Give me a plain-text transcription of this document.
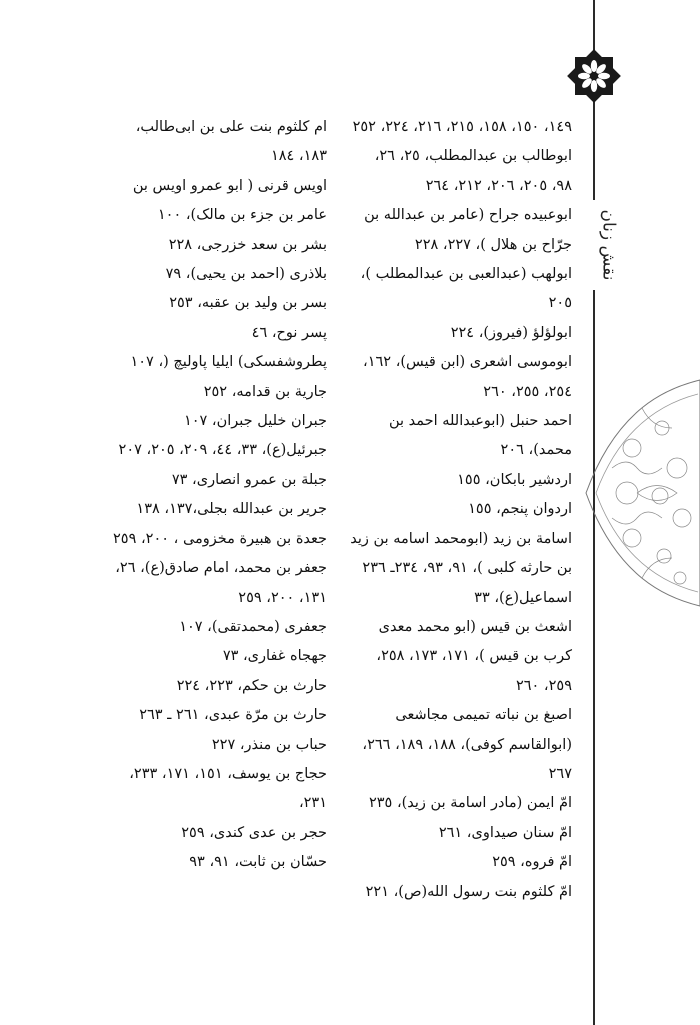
نقش زنان

١٤٩، ١٥٠، ١٥٨، ٢١٥، ٢١٦، ٢٢٤، ٢٥٢

ابوطالب بن عبدالمطلب، ٢٥، ٢٦، ٩٨، ٢٠٥، ٢٠٦، ٢١٢، ٢٦٤

ابوعبیده جراح (عامر بن عبدالله بن جرّاح بن هلال )، ٢٢٧، ٢٢٨

ابولهب (عبدالعبی بن عبدالمطلب )، ٢٠٥

ابولؤلؤ (فیروز)، ٢٢٤

ابوموسی اشعری (ابن قیس)، ١٦٢، ٢٥٤، ٢٥٥، ٢٦٠

احمد حنبل (ابوعبدالله احمد بن محمد)، ٢٠٦

اردشیر بابکان، ١٥٥

اردوان پنجم، ١٥٥

اسامة بن زید (ابومحمد اسامه بن زید بن حارثه کلبی )، ٩١، ٩٣، ٢٣٤ـ ٢٣٦

اسماعیل(ع)، ٣٣

اشعث بن قیس (ابو محمد معدی کرب بن قیس )، ١٧١، ١٧٣، ٢٥٨، ٢٥٩، ٢٦٠

اصبغ بن نباته تمیمی مجاشعی (ابوالقاسم کوفی)، ١٨٨، ١٨٩، ٢٦٦، ٢٦٧

امّ ایمن (مادر اسامة بن زید)، ٢٣٥

امّ سنان صیداوی، ٢٦١

امّ فروه، ٢٥٩

امّ کلثوم بنت رسول الله(ص)، ٢٢١

ام کلثوم بنت علی بن ابی‌طالب، ١٨٣، ١٨٤

اویس قرنی ( ابو عمرو اویس بن عامر بن جزء بن مالک)، ١٠٠

بشر بن سعد خزرجی، ٢٢٨

بلاذری (احمد بن یحیی)، ٧٩

بسر بن ولید بن عقبه، ٢٥٣

پسر نوح، ٤٦

پطروشفسکی) ایلیا پاولیچ (، ١٠٧

جاریة بن قدامه، ٢٥٢

جبران خلیل جبران، ١٠٧

جبرئیل(ع)، ٣٣، ٤٤، ٢٠٩، ٢٠٥، ٢٠٧

جبلة بن عمرو انصاری، ٧٣

جریر بن عبدالله بجلی،١٣٧، ١٣٨

جعدة بن هبیرة مخزومی ، ٢٠٠، ٢٥٩

جعفر بن محمد، امام صادق(ع)، ٢٦، ١٣١، ٢٠٠، ٢٥٩

جعفری (محمدتقی)، ١٠٧

جهجاه غفاری، ٧٣

حارث بن حکم، ٢٢٣، ٢٢٤

حارث بن مرّة عبدی، ٢٦١ ـ ٢٦٣

حباب بن منذر، ٢٢٧

حجاج بن یوسف، ١٥١، ١٧١، ٢٣٣، ٢٣١،

حجر بن عدی کندی، ٢٥٩

حسّان بن ثابت، ٩١، ٩٣
